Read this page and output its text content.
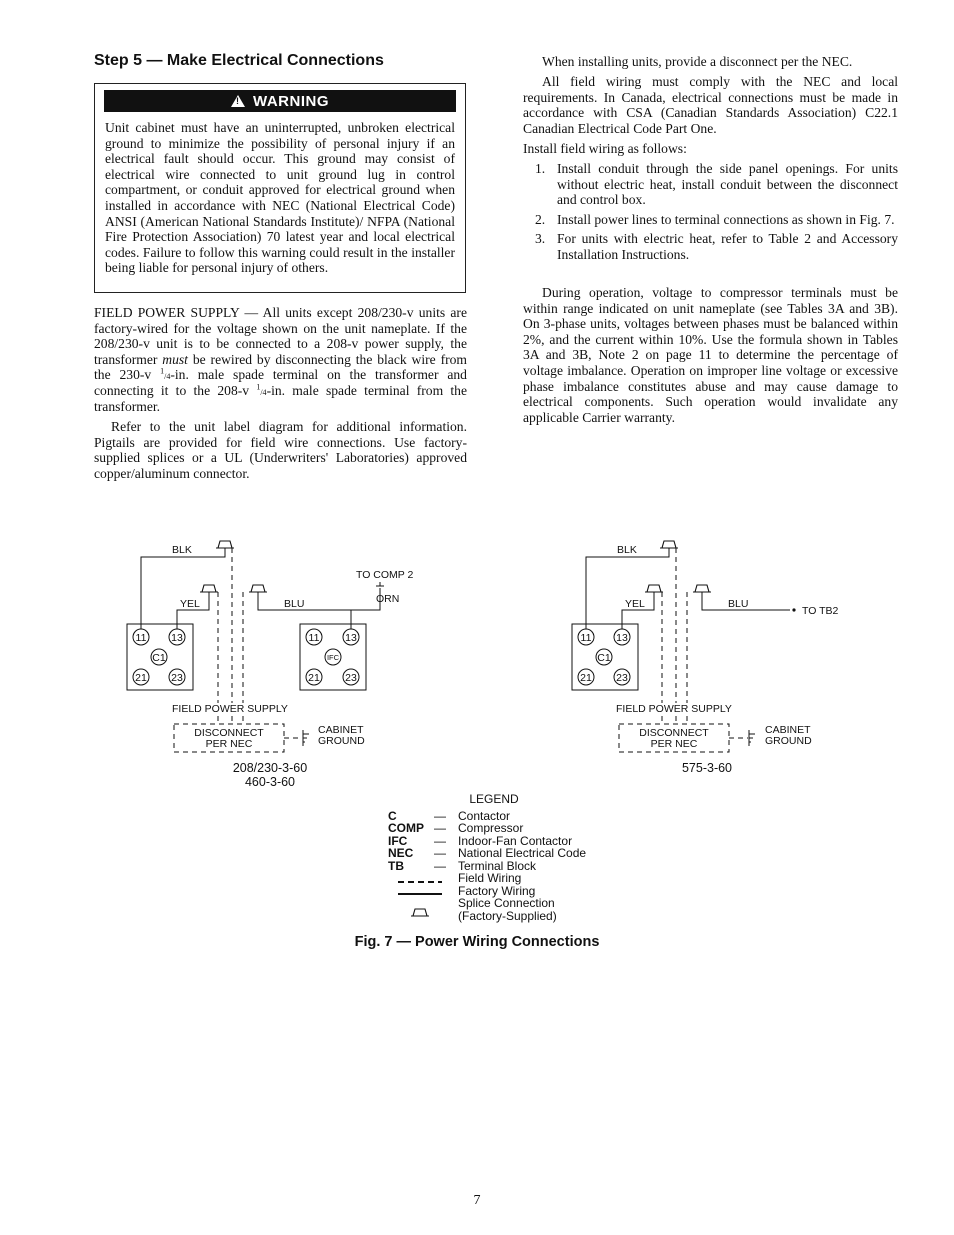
Step 5 — Make Electrical Connections
!
WARNING
Unit cabinet must have an uninterrupted, unbroken electrical ground to minimize the possibility of personal injury if an electrical fault should occur. This ground may consist of electrical wire connected to unit ground lug in control compartment, or conduit approved for electrical ground when installed in accordance with NEC (National Electrical Code) ANSI (American National Standards Institute)/ NFPA (National Fire Protection Association) 70 latest year and local electrical codes. Failure to follow this warning could result in the installer being liable for personal injury of others.

FIELD POWER SUPPLY — All units except 208/230-v units are factory-wired for the voltage shown on the unit nameplate. If the 208/230-v unit is to be connected to a 208-v power supply, the transformer must be rewired by disconnecting the black wire from the 230-v $^1$/4-in. male spade terminal on the transformer and connecting it to the 208-v $^1$/4-in. male spade terminal from the transformer.

Refer to the unit label diagram for additional information. Pigtails are provided for field wire connections. Use factory-supplied splices or a UL (Underwriters' Laboratories) approved copper/aluminum connector.

When installing units, provide a disconnect per the NEC.

All field wiring must comply with the NEC and local requirements. In Canada, electrical connections must be made in accordance with CSA (Canadian Standards Association) C22.1 Canadian Electrical Code Part One.

Install field wiring as follows:

1. Install conduit through the side panel openings. For units without electric heat, install conduit between the disconnect and control box.
2. Install power lines to terminal connections as shown in Fig. 7.
3. For units with electric heat, refer to Table 2 and Accessory Installation Instructions.

During operation, voltage to compressor terminals must be within range indicated on unit nameplate (see Tables 3A and 3B). On 3-phase units, voltages between phases must be balanced within 2%, and the current within 10%. Use the formula shown in Tables 3A and 3B, Note 2 on page 11 to determine the percentage of voltage imbalance. Operation on improper line voltage or excessive phase imbalance constitutes abuse and may cause damage to electrical components. Such operation would invalidate any applicable Carrier warranty.

11 13
C1
21 23
11 13
IFC
21 23
BLK
YEL	BLU
TO COMP 2
ORN
FIELD POWER SUPPLY
DISCONNECT
PER NEC
CABINET
GROUND
208/230-3-60
460-3-60
11 13
C1
21 23
BLK
YEL	BLU
TO TB2
FIELD POWER SUPPLY
DISCONNECT
PER NEC
CABINET
GROUND
575-3-60
LEGEND
C	— Contactor
COMP — Compressor
IFC — Indoor-Fan Contactor
NEC — National Electrical Code
TB	— Terminal Block
Field Wiring
Factory Wiring
Splice Connection
(Factory-Supplied)
Fig. 7 — Power Wiring Connections
7
